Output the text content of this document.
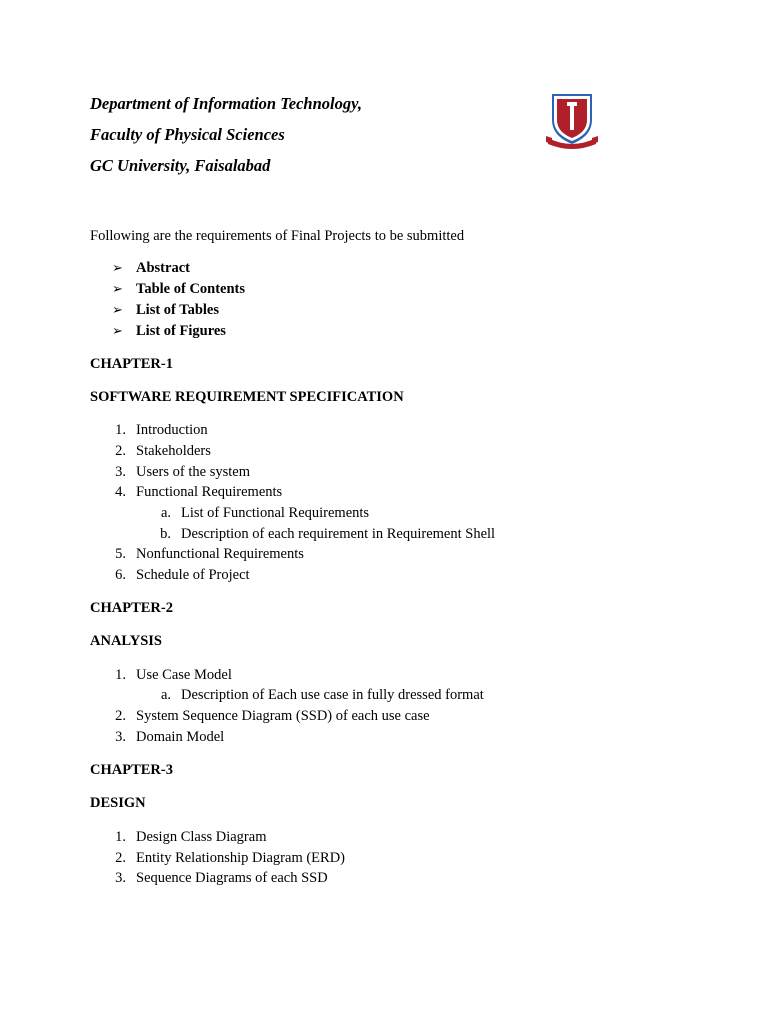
Department of Information Technology,
Faculty of Physical Sciences
GC University, Faisalabad
Following are the requirements of Final Projects to be submitted
➢ Abstract
➢ Table of Contents
➢ List of Tables
➢ List of Figures
CHAPTER-1
SOFTWARE REQUIREMENT SPECIFICATION
1. Introduction
2. Stakeholders
3. Users of the system
4. Functional Requirements
a. List of Functional Requirements
b. Description of each requirement in Requirement Shell
5. Nonfunctional Requirements
6. Schedule of Project
CHAPTER-2
ANALYSIS
1. Use Case Model
a. Description of Each use case in fully dressed format
2. System Sequence Diagram (SSD) of each use case
3. Domain Model
CHAPTER-3
DESIGN
1. Design Class Diagram
2. Entity Relationship Diagram (ERD)
3. Sequence Diagrams of each SSD
